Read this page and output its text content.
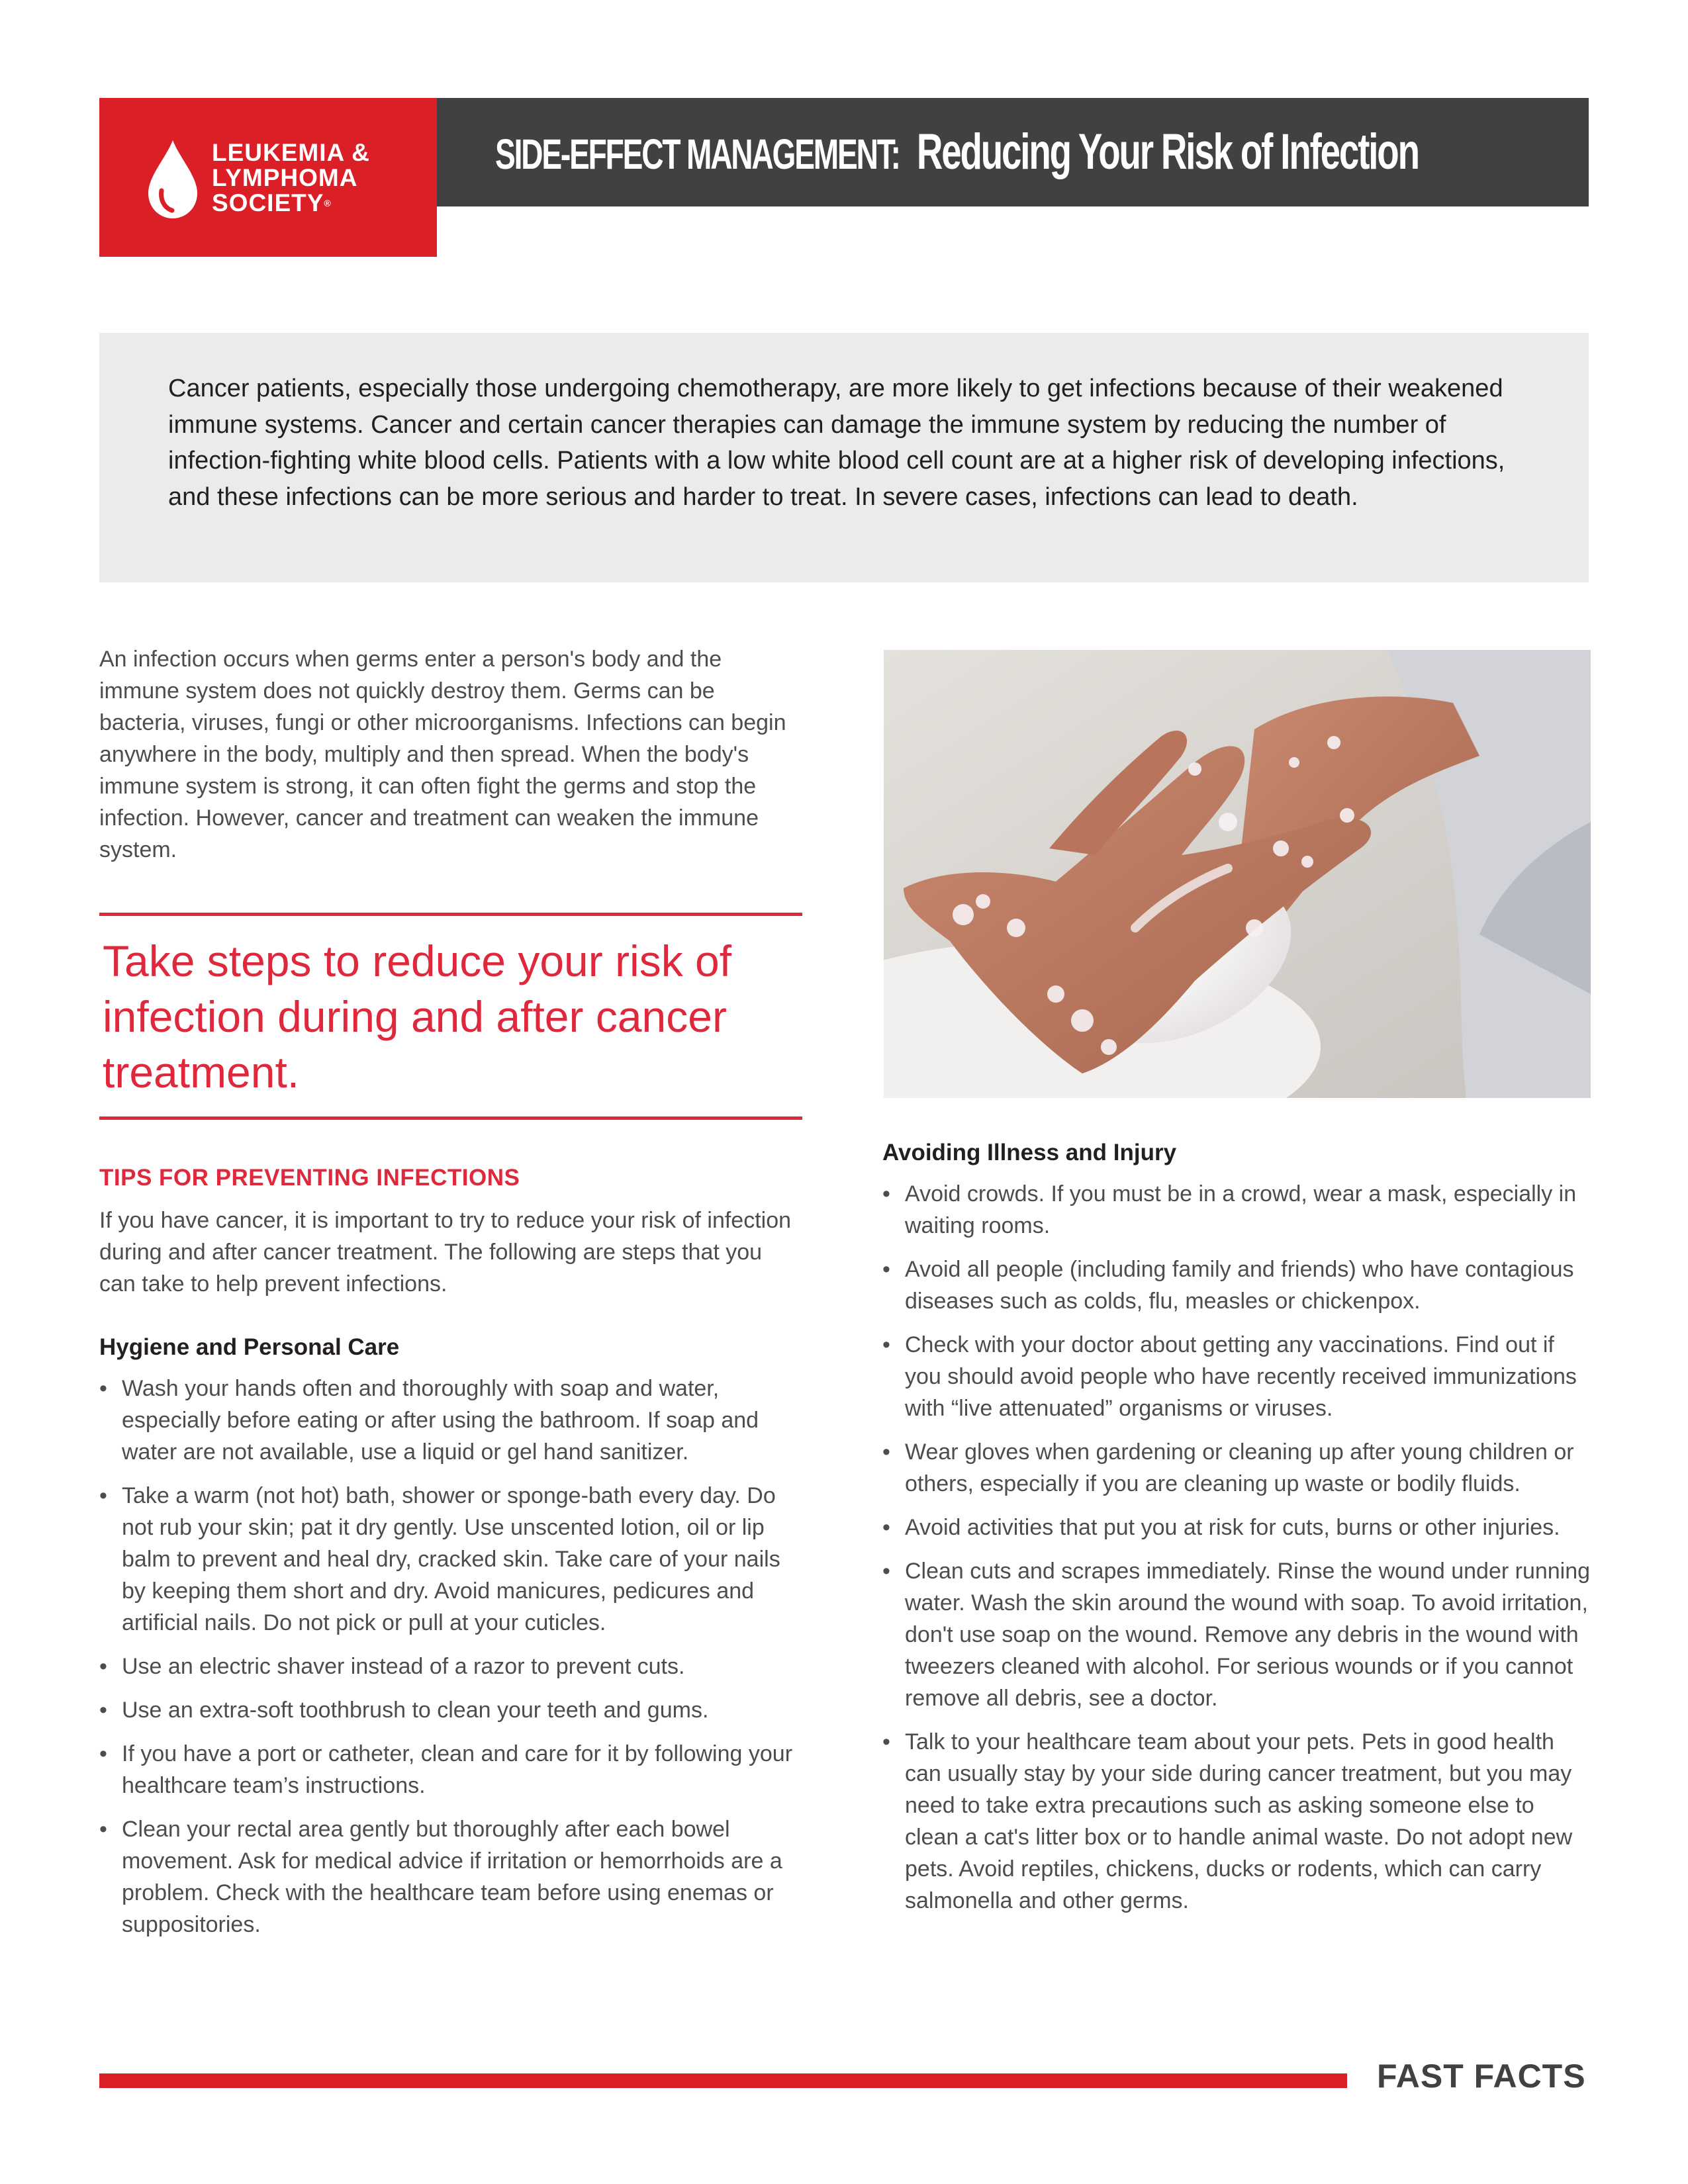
LEUKEMIA &
LYMPHOMA
SOCIETY®
SIDE-EFFECT MANAGEMENT: Reducing Your Risk of Infection

Cancer patients, especially those undergoing chemotherapy, are more likely to get infections because of their weakened immune systems. Cancer and certain cancer therapies can damage the immune system by reducing the number of infection-fighting white blood cells. Patients with a low white blood cell count are at a higher risk of developing infections, and these infections can be more serious and harder to treat. In severe cases, infections can lead to death.

An infection occurs when germs enter a person's body and the immune system does not quickly destroy them. Germs can be bacteria, viruses, fungi or other microorganisms. Infections can begin anywhere in the body, multiply and then spread. When the body's immune system is strong, it can often fight the germs and stop the infection. However, cancer and treatment can weaken the immune system.

Take steps to reduce your risk of infection during and after cancer treatment.

TIPS FOR PREVENTING INFECTIONS

If you have cancer, it is important to try to reduce your risk of infection during and after cancer treatment. The following are steps that you can take to help prevent infections.

Hygiene and Personal Care
• Wash your hands often and thoroughly with soap and water, especially before eating or after using the bathroom. If soap and water are not available, use a liquid or gel hand sanitizer.
• Take a warm (not hot) bath, shower or sponge-bath every day. Do not rub your skin; pat it dry gently. Use unscented lotion, oil or lip balm to prevent and heal dry, cracked skin. Take care of your nails by keeping them short and dry. Avoid manicures, pedicures and artificial nails. Do not pick or pull at your cuticles.
• Use an electric shaver instead of a razor to prevent cuts.
• Use an extra-soft toothbrush to clean your teeth and gums.
• If you have a port or catheter, clean and care for it by following your healthcare team’s instructions.
• Clean your rectal area gently but thoroughly after each bowel movement. Ask for medical advice if irritation or hemorrhoids are a problem. Check with the healthcare team before using enemas or suppositories.
Avoiding Illness and Injury
• Avoid crowds. If you must be in a crowd, wear a mask, especially in waiting rooms.
• Avoid all people (including family and friends) who have contagious diseases such as colds, flu, measles or chickenpox.
• Check with your doctor about getting any vaccinations. Find out if you should avoid people who have recently received immunizations with “live attenuated” organisms or viruses.
• Wear gloves when gardening or cleaning up after young children or others, especially if you are cleaning up waste or bodily fluids.
• Avoid activities that put you at risk for cuts, burns or other injuries.
• Clean cuts and scrapes immediately. Rinse the wound under running water. Wash the skin around the wound with soap. To avoid irritation, don't use soap on the wound. Remove any debris in the wound with tweezers cleaned with alcohol. For serious wounds or if you cannot remove all debris, see a doctor.
• Talk to your healthcare team about your pets. Pets in good health can usually stay by your side during cancer treatment, but you may need to take extra precautions such as asking someone else to clean a cat's litter box or to handle animal waste. Do not adopt new pets. Avoid reptiles, chickens, ducks or rodents, which can carry salmonella and other germs.
FAST FACTS
